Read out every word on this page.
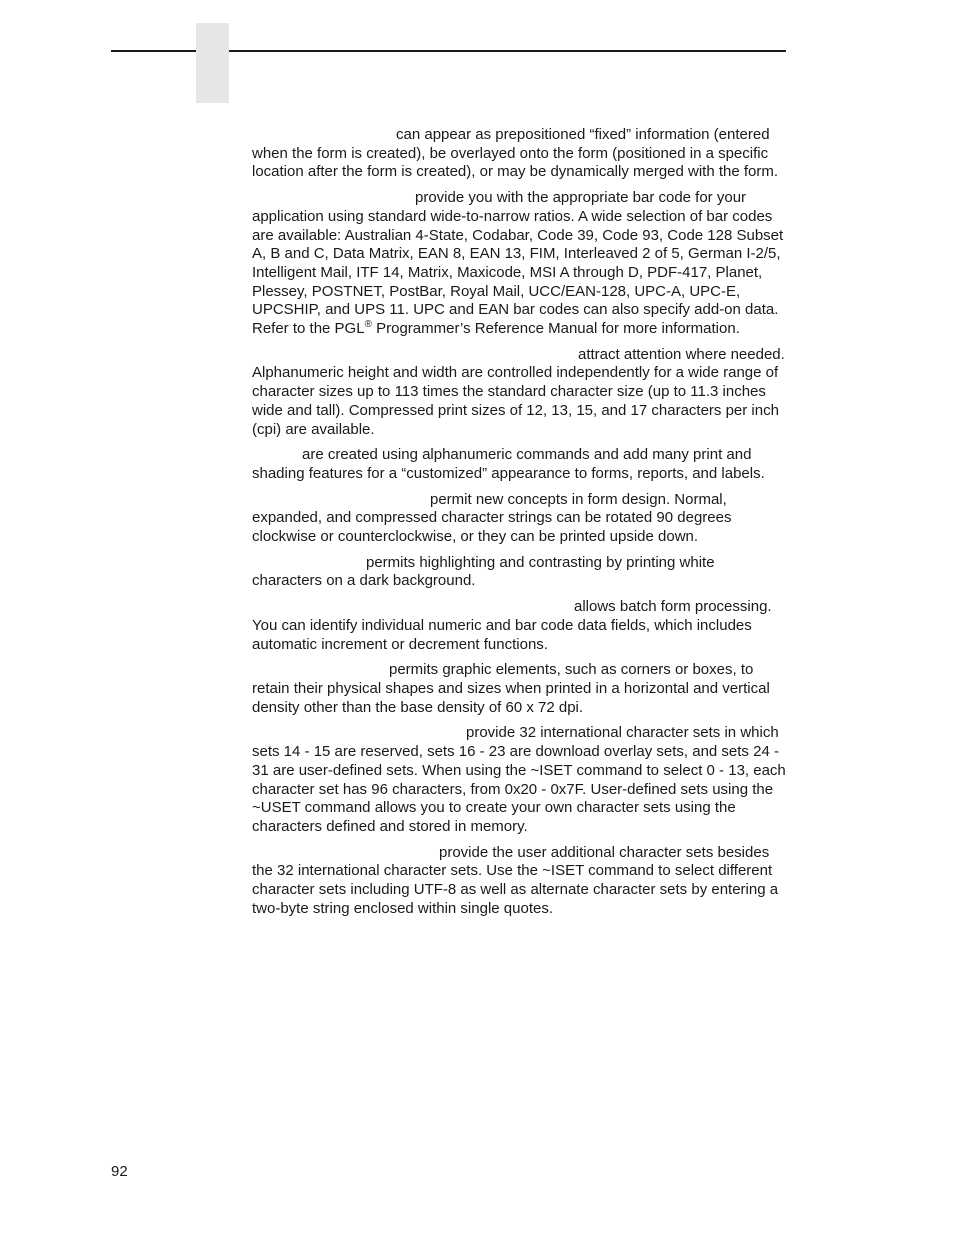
can appear as prepositioned “fixed” information (entered when the form is created), be overlayed onto the form (positioned in a specific location after the form is created), or may be dynamically merged with the form.

provide you with the appropriate bar code for your application using standard wide-to-narrow ratios. A wide selection of bar codes are available: Australian 4-State, Codabar, Code 39, Code 93, Code 128 Subset A, B and C, Data Matrix, EAN 8, EAN 13, FIM, Interleaved 2 of 5, German I-2/5, Intelligent Mail, ITF 14, Matrix, Maxicode, MSI A through D, PDF-417, Planet, Plessey, POSTNET, PostBar, Royal Mail, UCC/EAN-128, UPC-A, UPC-E, UPCSHIP, and UPS 11. UPC and EAN bar codes can also specify add-on data. Refer to the PGL® Programmer’s Reference Manual for more information.

attract attention where needed. Alphanumeric height and width are controlled independently for a wide range of character sizes up to 113 times the standard character size (up to 11.3 inches wide and tall). Compressed print sizes of 12, 13, 15, and 17 characters per inch (cpi) are available.

are created using alphanumeric commands and add many print and shading features for a “customized” appearance to forms, reports, and labels.

permit new concepts in form design. Normal, expanded, and compressed character strings can be rotated 90 degrees clockwise or counterclockwise, or they can be printed upside down.

permits highlighting and contrasting by printing white characters on a dark background.

allows batch form processing. You can identify individual numeric and bar code data fields, which includes automatic increment or decrement functions.

permits graphic elements, such as corners or boxes, to retain their physical shapes and sizes when printed in a horizontal and vertical density other than the base density of 60 x 72 dpi.

provide 32 international character sets in which sets 14 - 15 are reserved, sets 16 - 23 are download overlay sets, and sets 24 - 31 are user-defined sets. When using the ~ISET command to select 0 - 13, each character set has 96 characters, from 0x20 - 0x7F. User-defined sets using the ~USET command allows you to create your own character sets using the characters defined and stored in memory.

provide the user additional character sets besides the 32 international character sets. Use the ~ISET command to select different character sets including UTF-8 as well as alternate character sets by entering a two-byte string enclosed within single quotes.

92
